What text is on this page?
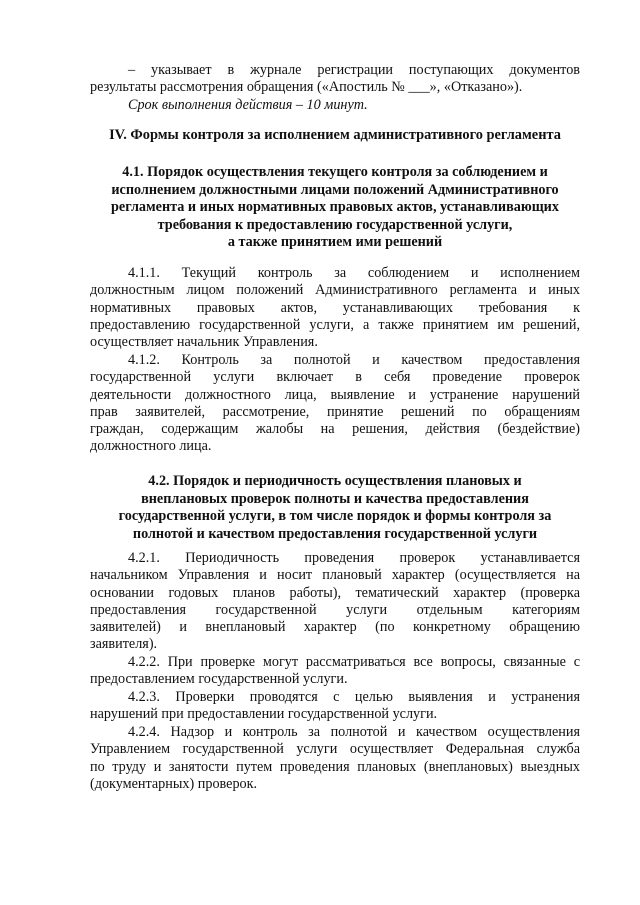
– указывает в журнале регистрации поступающих документов
результаты рассмотрения обращения («Апостиль № ___», «Отказано»).
Срок выполнения действия – 10 минут.
IV. Формы контроля за исполнением административного регламента
4.1. Порядок осуществления текущего контроля за соблюдением и
исполнением должностными лицами положений Административного
регламента и иных нормативных правовых актов, устанавливающих
требования к предоставлению государственной услуги,
а также принятием ими решений
4.1.1. Текущий контроль за соблюдением и исполнением
должностным лицом положений Административного регламента и иных
нормативных правовых актов, устанавливающих требования к
предоставлению государственной услуги, а также принятием им решений,
осуществляет начальник Управления.
4.1.2. Контроль за полнотой и качеством предоставления
государственной услуги включает в себя проведение проверок
деятельности должностного лица, выявление и устранение нарушений
прав заявителей, рассмотрение, принятие решений по обращениям
граждан, содержащим жалобы на решения, действия (бездействие)
должностного лица.
4.2. Порядок и периодичность осуществления плановых и
внеплановых проверок полноты и качества предоставления
государственной услуги, в том числе порядок и формы контроля за
полнотой и качеством предоставления государственной услуги
4.2.1. Периодичность проведения проверок устанавливается
начальником Управления и носит плановый характер (осуществляется на
основании годовых планов работы), тематический характер (проверка
предоставления государственной услуги отдельным категориям
заявителей) и внеплановый характер (по конкретному обращению
заявителя).
4.2.2. При проверке могут рассматриваться все вопросы, связанные с
предоставлением государственной услуги.
4.2.3. Проверки проводятся с целью выявления и устранения
нарушений при предоставлении государственной услуги.
4.2.4. Надзор и контроль за полнотой и качеством осуществления
Управлением государственной услуги осуществляет Федеральная служба
по труду и занятости путем проведения плановых (внеплановых) выездных
(документарных) проверок.
